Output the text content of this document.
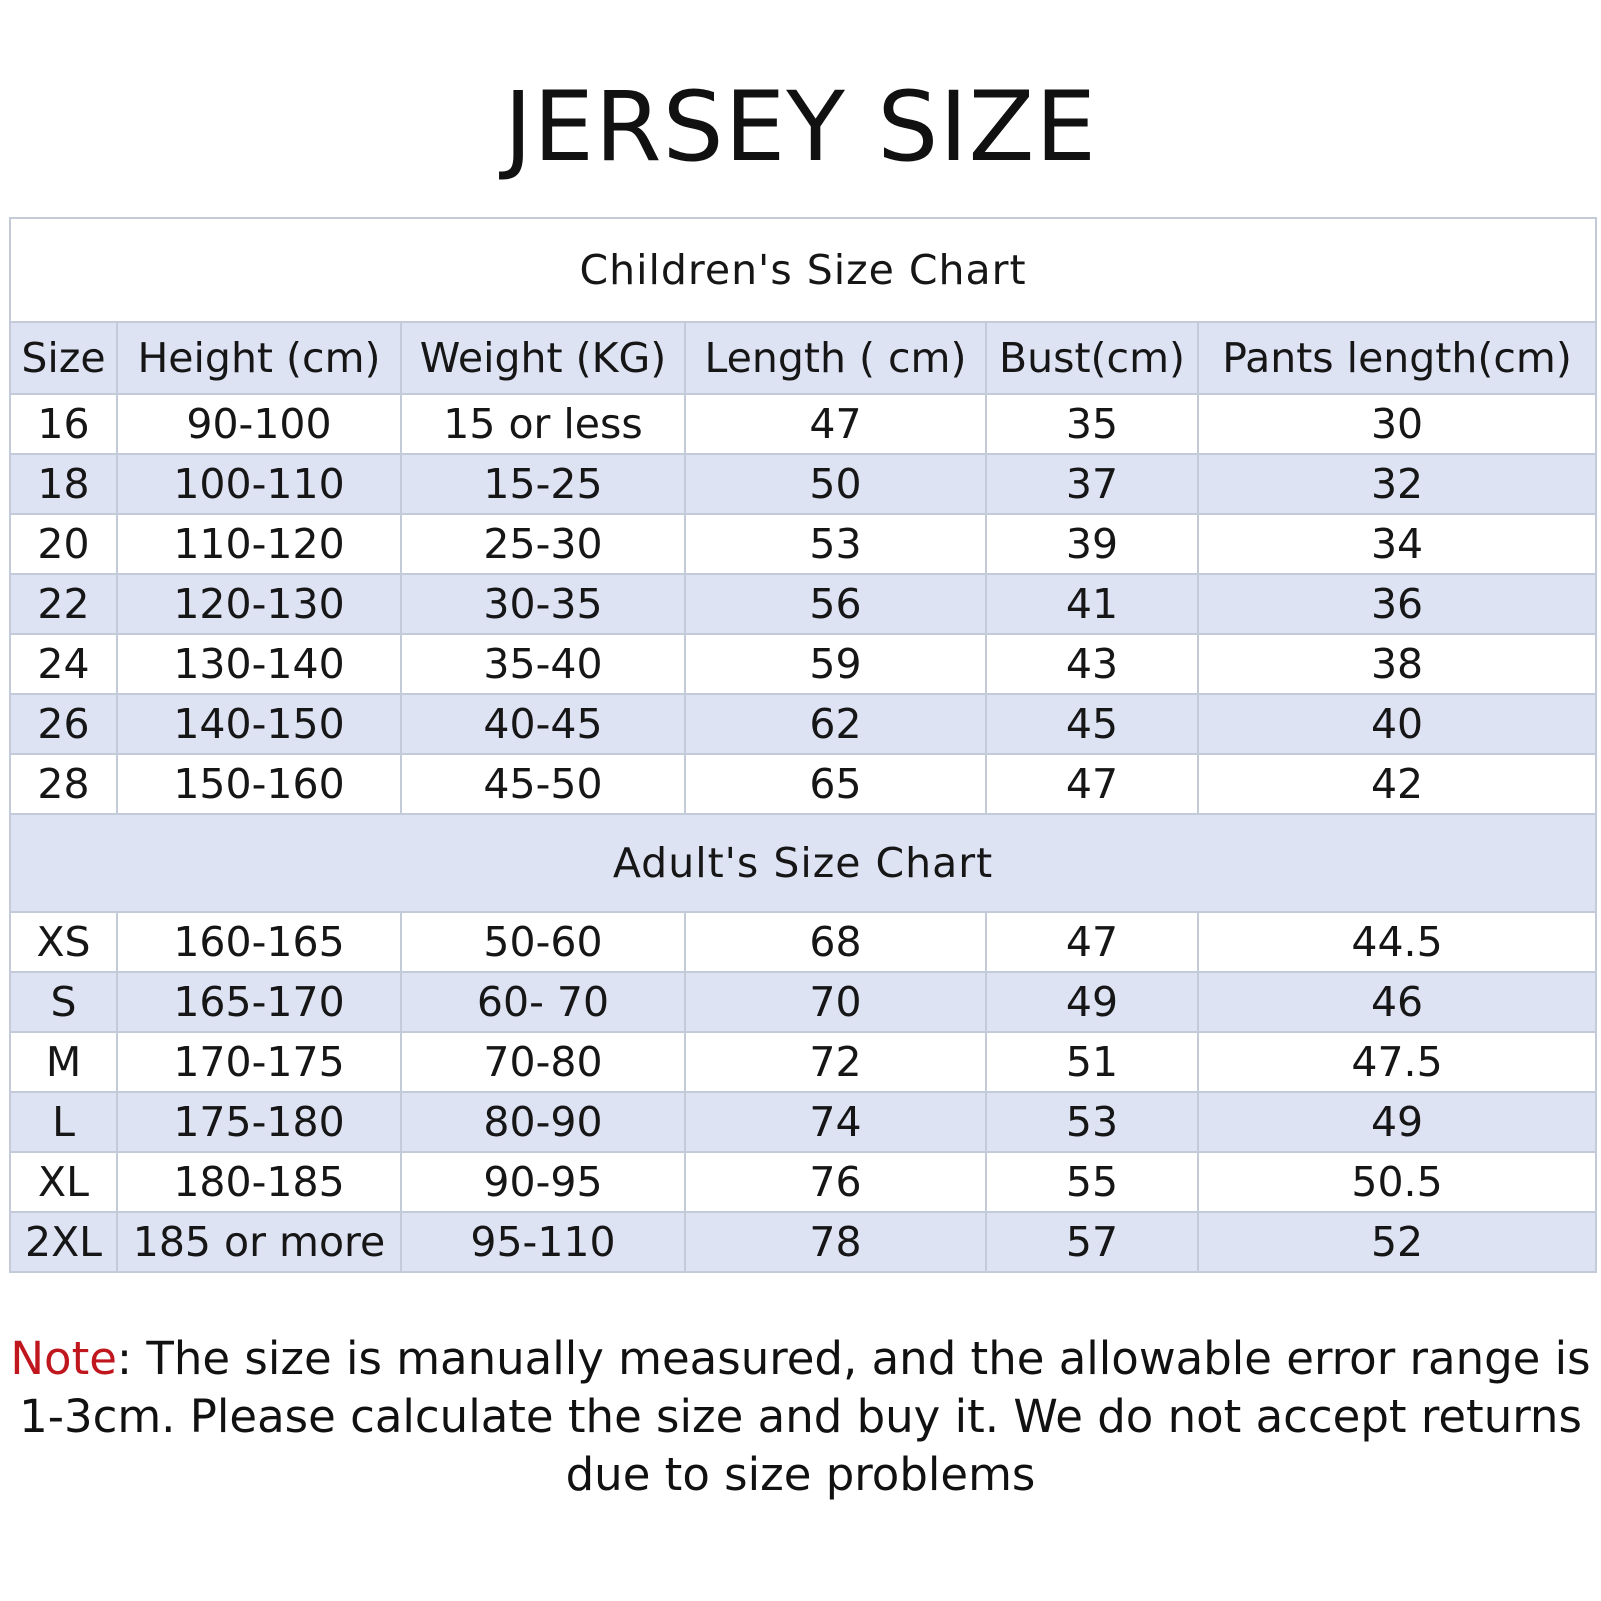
JERSEY SIZE
Children's Size Chart					
Size	Height (cm)	Weight (KG)	Length ( cm)	Bust(cm)	Pants length(cm)
16	90-100	15 or less	47	35	30
18	100-110	15-25	50	37	32
20	110-120	25-30	53	39	34
22	120-130	30-35	56	41	36
24	130-140	35-40	59	43	38
26	140-150	40-45	62	45	40
28	150-160	45-50	65	47	42
Adult's Size Chart					
XS	160-165	50-60	68	47	44.5
S	165-170	60- 70	70	49	46
M	170-175	70-80	72	51	47.5
L	175-180	80-90	74	53	49
XL	180-185	90-95	76	55	50.5
2XL	185 or more	95-110	78	57	52
Note: The size is manually measured, and the allowable error range is 1-3cm. Please calculate the size and buy it. We do not accept returns due to size problems
